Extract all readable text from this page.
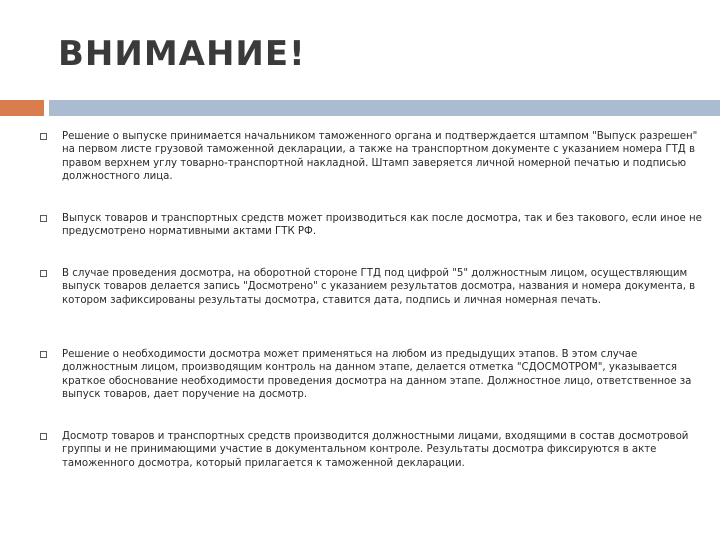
ВНИМАНИЕ!
Решение о выпуске принимается начальником таможенного органа и подтверждается штампом "Выпуск разрешен" на первом листе грузовой таможенной декларации, а также на транспортном документе с указанием номера ГТД в правом верхнем углу товарно-транспортной накладной. Штамп заверяется личной номерной печатью и подписью должностного лица.
Выпуск товаров и транспортных средств может производиться как после досмотра, так и без такового, если иное не предусмотрено нормативными актами ГТК РФ.
В случае проведения досмотра, на оборотной стороне ГТД под цифрой "5" должностным лицом, осуществляющим выпуск товаров делается запись "Досмотрено" с указанием результатов досмотра, названия и номера документа, в котором зафиксированы результаты досмотра, ставится дата, подпись и личная номерная печать.
Решение о необходимости досмотра может применяться на любом из предыдущих этапов. В этом случае должностным лицом, производящим контроль на данном этапе, делается отметка "СДОСМОТРОМ", указывается краткое обоснование необходимости проведения досмотра на данном этапе. Должностное лицо, ответственное за выпуск товаров, дает поручение на досмотр.
Досмотр товаров и транспортных средств производится должностными лицами, входящими в состав досмотровой группы и не принимающими участие в документальном контроле. Результаты досмотра фиксируются в акте таможенного досмотра, который прилагается к таможенной декларации.
